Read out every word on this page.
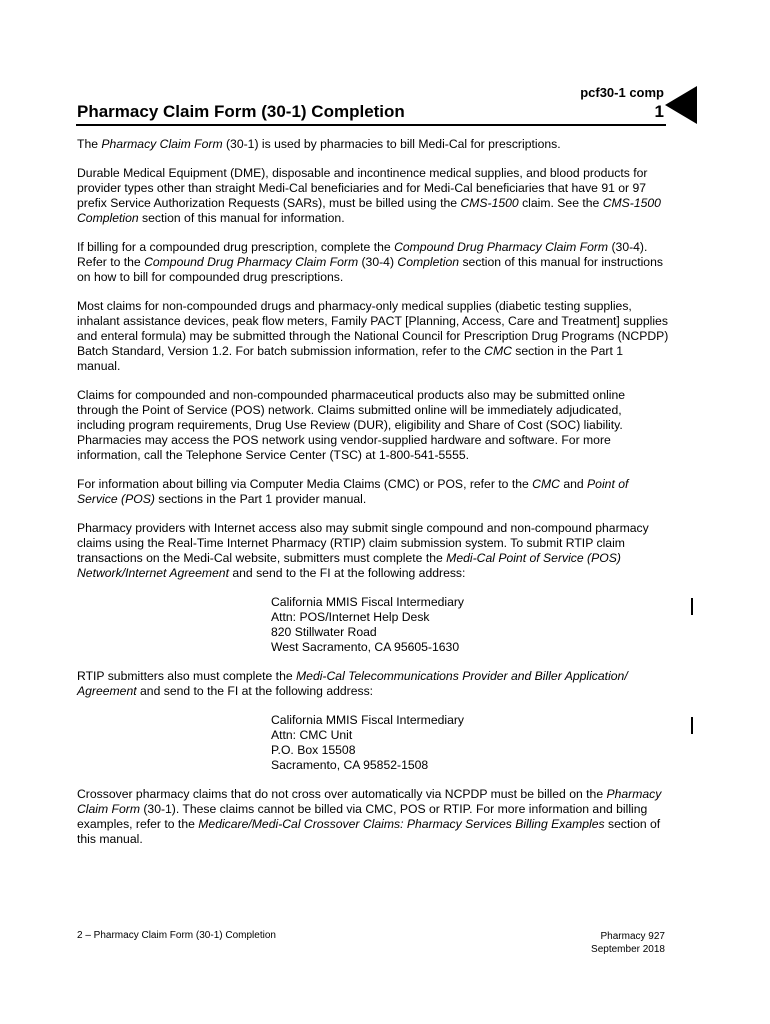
pcf30-1 comp
Pharmacy Claim Form (30-1) Completion	1

The Pharmacy Claim Form (30-1) is used by pharmacies to bill Medi-Cal for prescriptions.

Durable Medical Equipment (DME), disposable and incontinence medical supplies, and blood products for provider types other than straight Medi-Cal beneficiaries and for Medi-Cal beneficiaries that have 91 or 97 prefix Service Authorization Requests (SARs), must be billed using the CMS-1500 claim. See the CMS-1500 Completion section of this manual for information.

If billing for a compounded drug prescription, complete the Compound Drug Pharmacy Claim Form (30-4). Refer to the Compound Drug Pharmacy Claim Form (30-4) Completion section of this manual for instructions on how to bill for compounded drug prescriptions.

Most claims for non-compounded drugs and pharmacy-only medical supplies (diabetic testing supplies, inhalant assistance devices, peak flow meters, Family PACT [Planning, Access, Care and Treatment] supplies and enteral formula) may be submitted through the National Council for Prescription Drug Programs (NCPDP) Batch Standard, Version 1.2. For batch submission information, refer to the CMC section in the Part 1 manual.

Claims for compounded and non-compounded pharmaceutical products also may be submitted online through the Point of Service (POS) network. Claims submitted online will be immediately adjudicated, including program requirements, Drug Use Review (DUR), eligibility and Share of Cost (SOC) liability. Pharmacies may access the POS network using vendor-supplied hardware and software. For more information, call the Telephone Service Center (TSC) at 1-800-541-5555.

For information about billing via Computer Media Claims (CMC) or POS, refer to the CMC and Point of Service (POS) sections in the Part 1 provider manual.

Pharmacy providers with Internet access also may submit single compound and non-compound pharmacy claims using the Real-Time Internet Pharmacy (RTIP) claim submission system. To submit RTIP claim transactions on the Medi-Cal website, submitters must complete the Medi-Cal Point of Service (POS) Network/Internet Agreement and send to the FI at the following address:

California MMIS Fiscal Intermediary
Attn: POS/Internet Help Desk
820 Stillwater Road
West Sacramento, CA 95605-1630

RTIP submitters also must complete the Medi-Cal Telecommunications Provider and Biller Application/ Agreement and send to the FI at the following address:

California MMIS Fiscal Intermediary
Attn: CMC Unit
P.O. Box 15508
Sacramento, CA 95852-1508

Crossover pharmacy claims that do not cross over automatically via NCPDP must be billed on the Pharmacy Claim Form (30-1). These claims cannot be billed via CMC, POS or RTIP. For more information and billing examples, refer to the Medicare/Medi-Cal Crossover Claims: Pharmacy Services Billing Examples section of this manual.

2 – Pharmacy Claim Form (30-1) Completion	Pharmacy 927
September 2018
